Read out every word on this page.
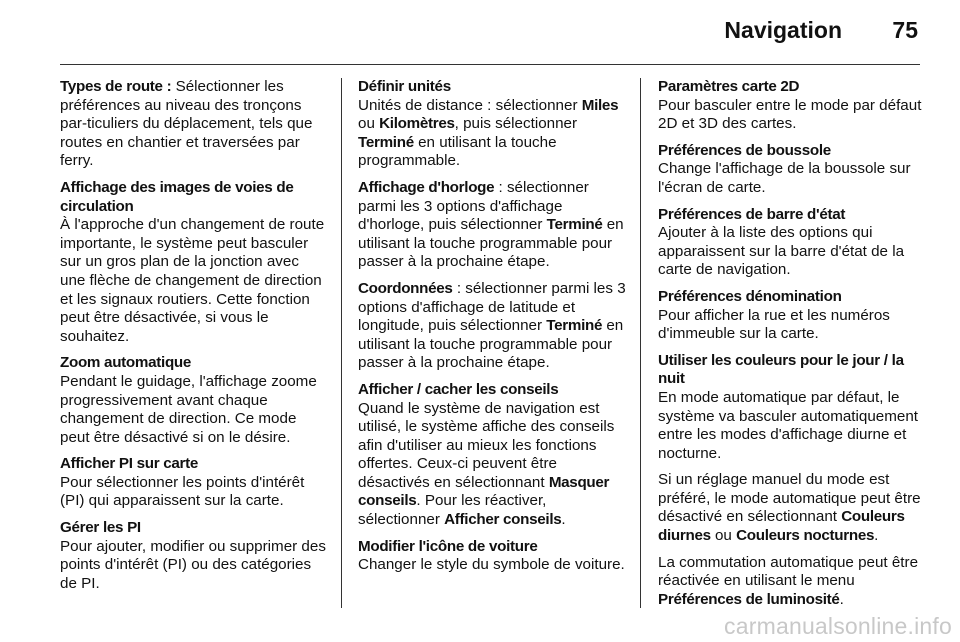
Navigation 75
Types de route : Sélectionner les préférences au niveau des tronçons par-ticuliers du déplacement, tels que routes en chantier et traversées par ferry.
Affichage des images de voies de circulation
À l'approche d'un changement de route importante, le système peut basculer sur un gros plan de la jonction avec une flèche de changement de direction et les signaux routiers. Cette fonction peut être désactivée, si vous le souhaitez.
Zoom automatique
Pendant le guidage, l'affichage zoome progressivement avant chaque changement de direction. Ce mode peut être désactivé si on le désire.
Afficher PI sur carte
Pour sélectionner les points d'intérêt (PI) qui apparaissent sur la carte.
Gérer les PI
Pour ajouter, modifier ou supprimer des points d'intérêt (PI) ou des catégories de PI.
Définir unités
Unités de distance : sélectionner Miles ou Kilomètres, puis sélectionner Terminé en utilisant la touche programmable.
Affichage d'horloge : sélectionner parmi les 3 options d'affichage d'horloge, puis sélectionner Terminé en utilisant la touche programmable pour passer à la prochaine étape.
Coordonnées : sélectionner parmi les 3 options d'affichage de latitude et longitude, puis sélectionner Terminé en utilisant la touche programmable pour passer à la prochaine étape.
Afficher / cacher les conseils
Quand le système de navigation est utilisé, le système affiche des conseils afin d'utiliser au mieux les fonctions offertes. Ceux-ci peuvent être désactivés en sélectionnant Masquer conseils. Pour les réactiver, sélectionner Afficher conseils.
Modifier l'icône de voiture
Changer le style du symbole de voiture.
Paramètres carte 2D
Pour basculer entre le mode par défaut 2D et 3D des cartes.
Préférences de boussole
Change l'affichage de la boussole sur l'écran de carte.
Préférences de barre d'état
Ajouter à la liste des options qui apparaissent sur la barre d'état de la carte de navigation.
Préférences dénomination
Pour afficher la rue et les numéros d'immeuble sur la carte.
Utiliser les couleurs pour le jour / la nuit
En mode automatique par défaut, le système va basculer automatiquement entre les modes d'affichage diurne et nocturne.
Si un réglage manuel du mode est préféré, le mode automatique peut être désactivé en sélectionnant Couleurs diurnes ou Couleurs nocturnes.
La commutation automatique peut être réactivée en utilisant le menu Préférences de luminosité.
carmanualsonline.info
